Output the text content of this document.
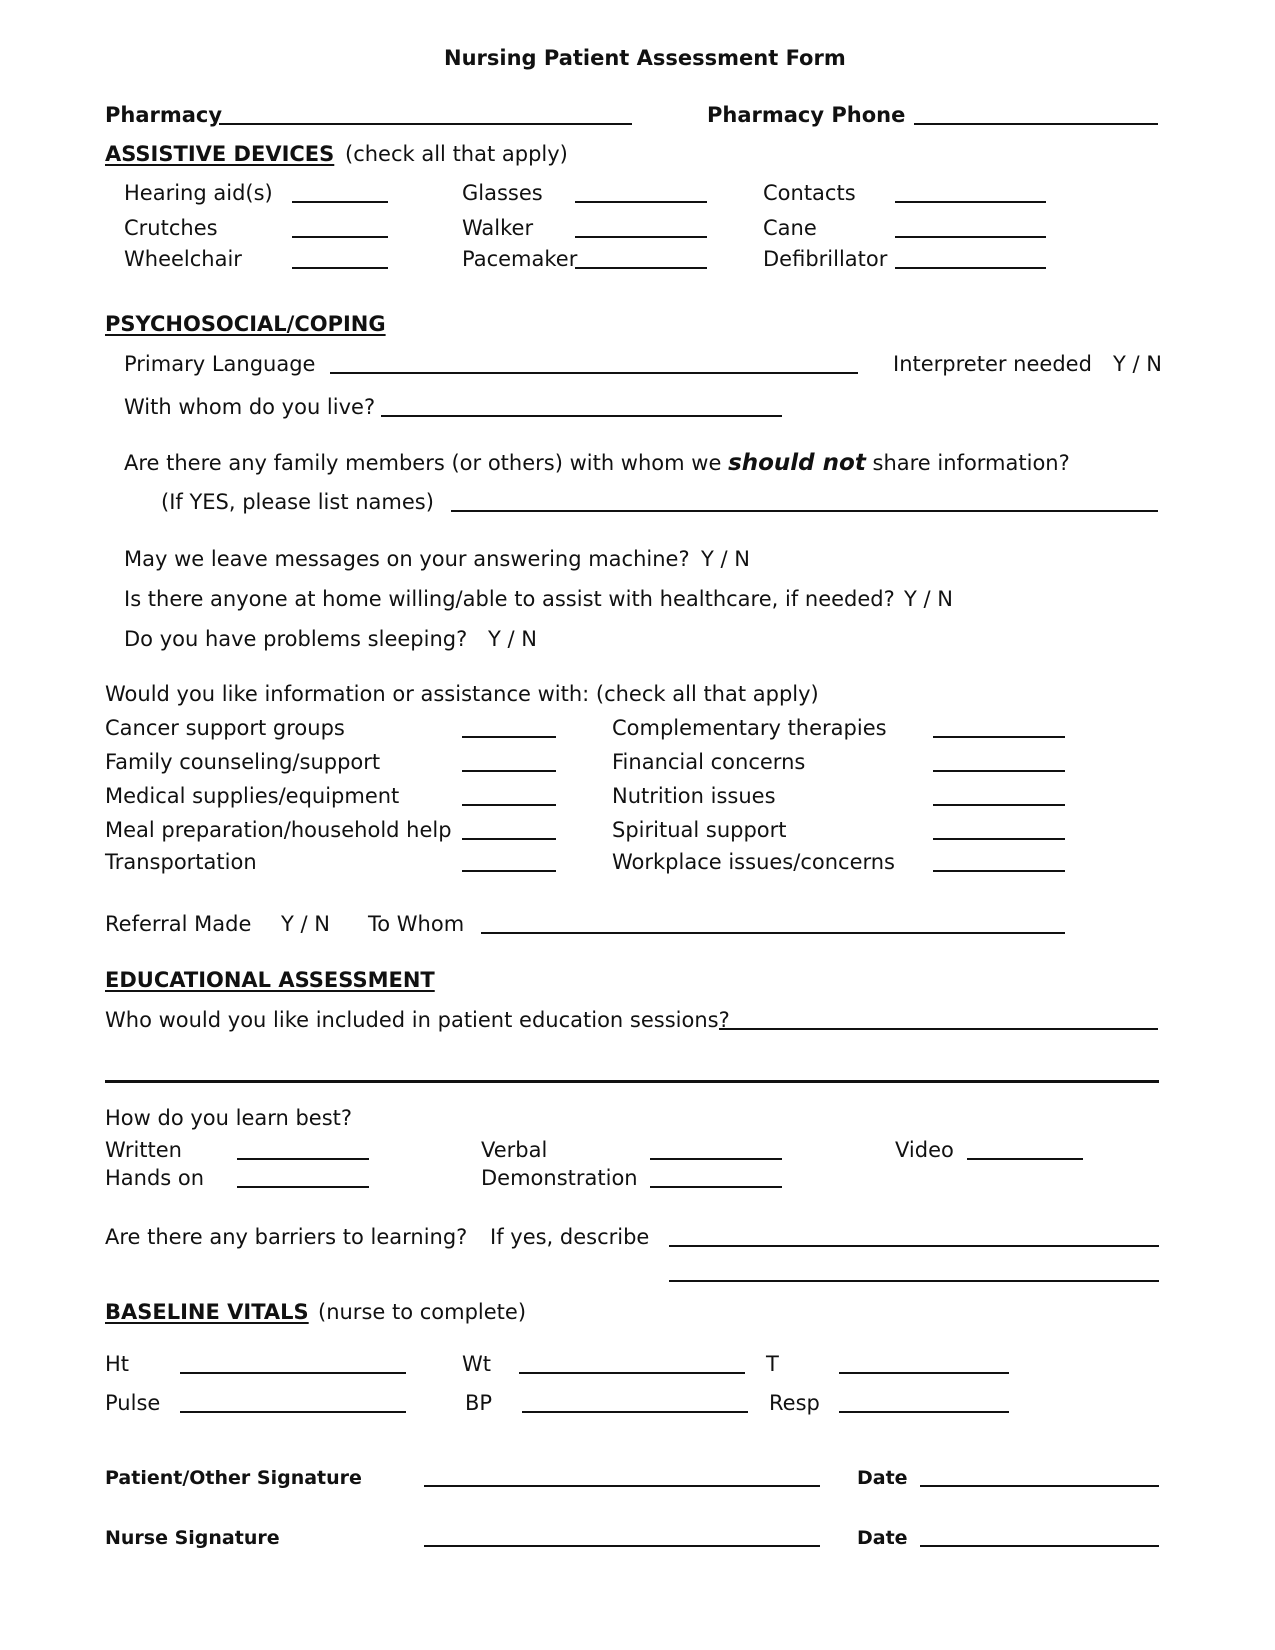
Nursing Patient Assessment Form
Pharmacy	Pharmacy Phone
ASSISTIVE DEVICES (check all that apply)
Hearing aid(s)	Glasses	Contacts
Crutches	Walker	Cane
Wheelchair	Pacemaker	Defibrillator
PSYCHOSOCIAL/COPING
Primary Language	Interpreter needed Y / N
With whom do you live?
Are there any family members (or others) with whom we should not share information?
(If YES, please list names)
May we leave messages on your answering machine? Y / N
Is there anyone at home willing/able to assist with healthcare, if needed? Y / N
Do you have problems sleeping? Y / N
Would you like information or assistance with: (check all that apply)
Cancer support groups	Complementary therapies
Family counseling/support	Financial concerns
Medical supplies/equipment	Nutrition issues
Meal preparation/household help	Spiritual support
Transportation	Workplace issues/concerns
Referral Made Y / N To Whom
EDUCATIONAL ASSESSMENT
Who would you like included in patient education sessions?
How do you learn best?
Written	Verbal	Video
Hands on	Demonstration
Are there any barriers to learning? If yes, describe
BASELINE VITALS (nurse to complete)
Ht	Wt	T
Pulse	BP	Resp
Patient/Other Signature	Date
Nurse Signature	Date
